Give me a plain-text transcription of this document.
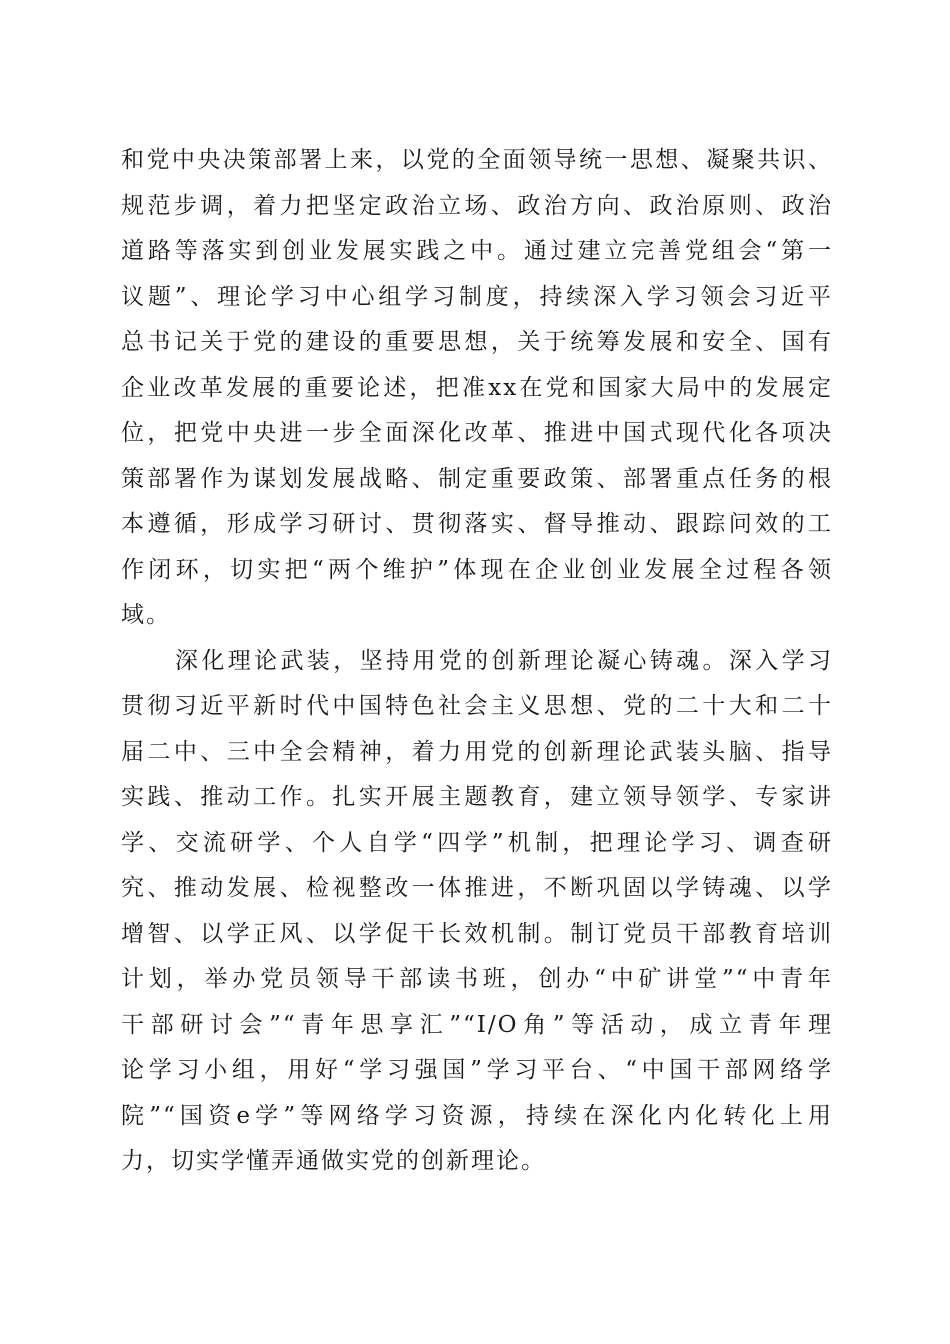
和党中央决策部署上来，以党的全面领导统一思想、凝聚共识、
规范步调，着力把坚定政治立场、政治方向、政治原则、政治
道路等落实到创业发展实践之中。通过建立完善党组会“第一
议题”、理论学习中心组学习制度，持续深入学习领会习近平
总书记关于党的建设的重要思想，关于统筹发展和安全、国有
企业改革发展的重要论述，把准xx在党和国家大局中的发展定
位，把党中央进一步全面深化改革、推进中国式现代化各项决
策部署作为谋划发展战略、制定重要政策、部署重点任务的根
本遵循，形成学习研讨、贯彻落实、督导推动、跟踪问效的工
作闭环，切实把“两个维护”体现在企业创业发展全过程各领
域。
深化理论武装，坚持用党的创新理论凝心铸魂。深入学习
贯彻习近平新时代中国特色社会主义思想、党的二十大和二十
届二中、三中全会精神，着力用党的创新理论武装头脑、指导
实践、推动工作。扎实开展主题教育，建立领导领学、专家讲
学、交流研学、个人自学“四学”机制，把理论学习、调查研
究、推动发展、检视整改一体推进，不断巩固以学铸魂、以学
增智、以学正风、以学促干长效机制。制订党员干部教育培训
计划，举办党员领导干部读书班，创办“中矿讲堂”“中青年
干部研讨会”“青年思享汇”“I/O角”等活动，成立青年理
论学习小组，用好“学习强国”学习平台、“中国干部网络学
院”“国资e学”等网络学习资源，持续在深化内化转化上用
力，切实学懂弄通做实党的创新理论。
